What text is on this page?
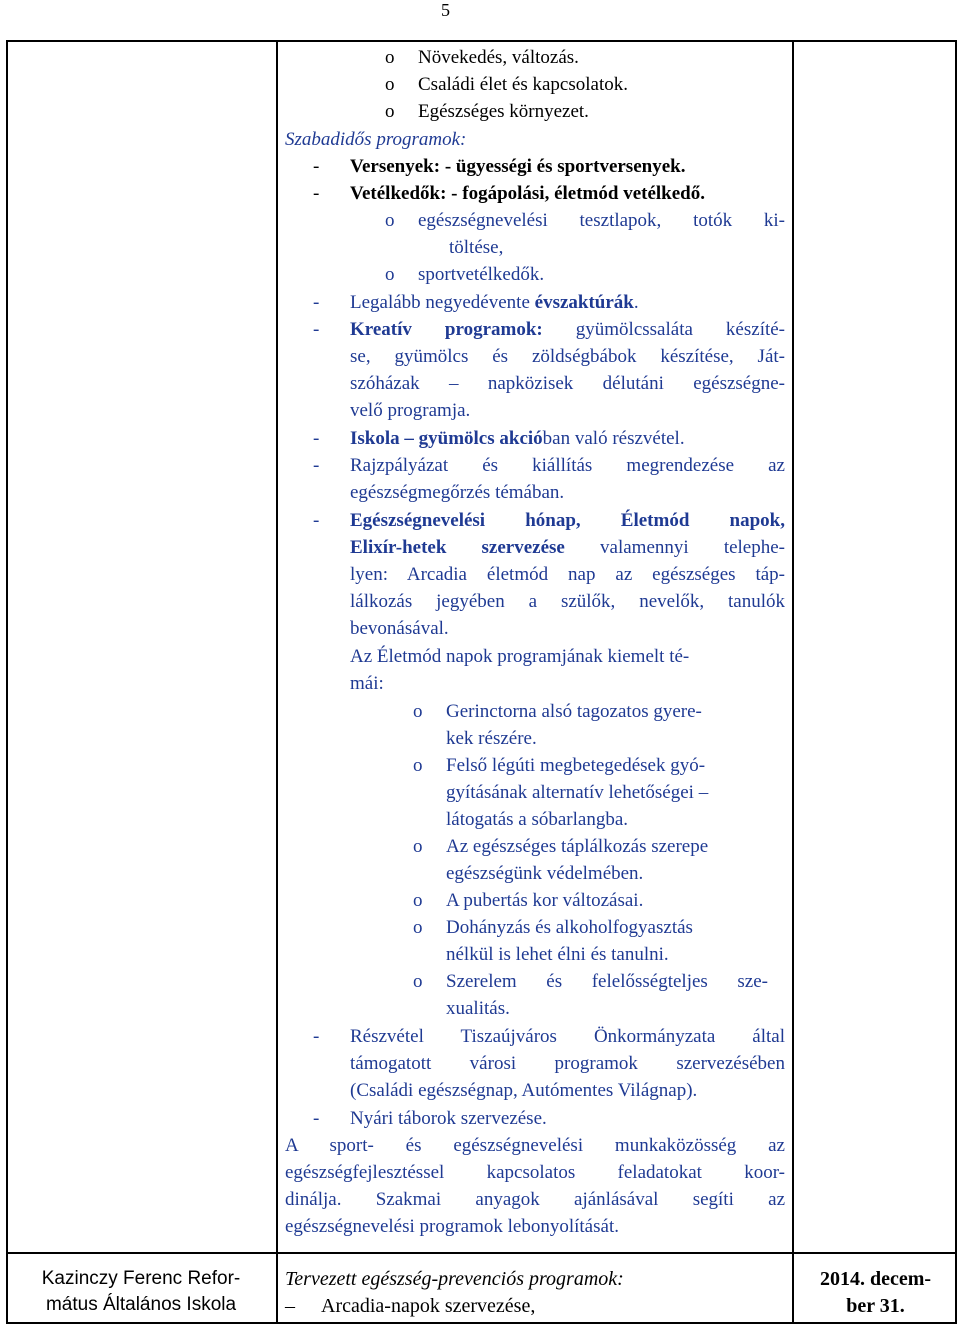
5
o Növekedés, változás.
o Családi élet és kapcsolatok.
o Egészséges környezet.
Szabadidős programok:
- Versenyek: - ügyességi és sportversenyek.
- Vetélkedők: - fogápolási, életmód vetélkedő.
o egészségnevelési tesztlapok, totók ki-
töltése,
o sportvetélkedők.
- Legalább negyedévente évszaktúrák.
- Kreatív programok: gyümölcssaláta készíté-
se, gyümölcs és zöldségbábok készítése, Ját-
szóházak – napközisek délutáni egészségne-
velő programja.
- Iskola – gyümölcs akcióban való részvétel.
- Rajzpályázat és kiállítás megrendezése az
egészségmegőrzés témában.
- Egészségnevelési hónap, Életmód napok,
Elixír-hetek szervezése valamennyi telephe-
lyen: Arcadia életmód nap az egészséges táp-
lálkozás jegyében a szülők, nevelők, tanulók
bevonásával.
Az Életmód napok programjának kiemelt té-
mái:
o Gerinctorna alsó tagozatos gyere-
kek részére.
o Felső légúti megbetegedések gyó-
gyításának alternatív lehetőségei –
látogatás a sóbarlangba.
o Az egészséges táplálkozás szerepe
egészségünk védelmében.
o A pubertás kor változásai.
o Dohányzás és alkoholfogyasztás
nélkül is lehet élni és tanulni.
o Szerelem és felelősségteljes sze-
xualitás.
- Részvétel Tiszaújváros Önkormányzata által
támogatott városi programok szervezésében
(Családi egészségnap, Autómentes Világnap).
- Nyári táborok szervezése.
A sport- és egészségnevelési munkaközösség az
egészségfejlesztéssel kapcsolatos feladatokat koor-
dinálja. Szakmai anyagok ajánlásával segíti az
egészségnevelési programok lebonyolítását.
Kazinczy Ferenc Refor-
mátus Általános Iskola
Tervezett egészség-prevenciós programok:
– Arcadia-napok szervezése,
2014. decem-
ber 31.
